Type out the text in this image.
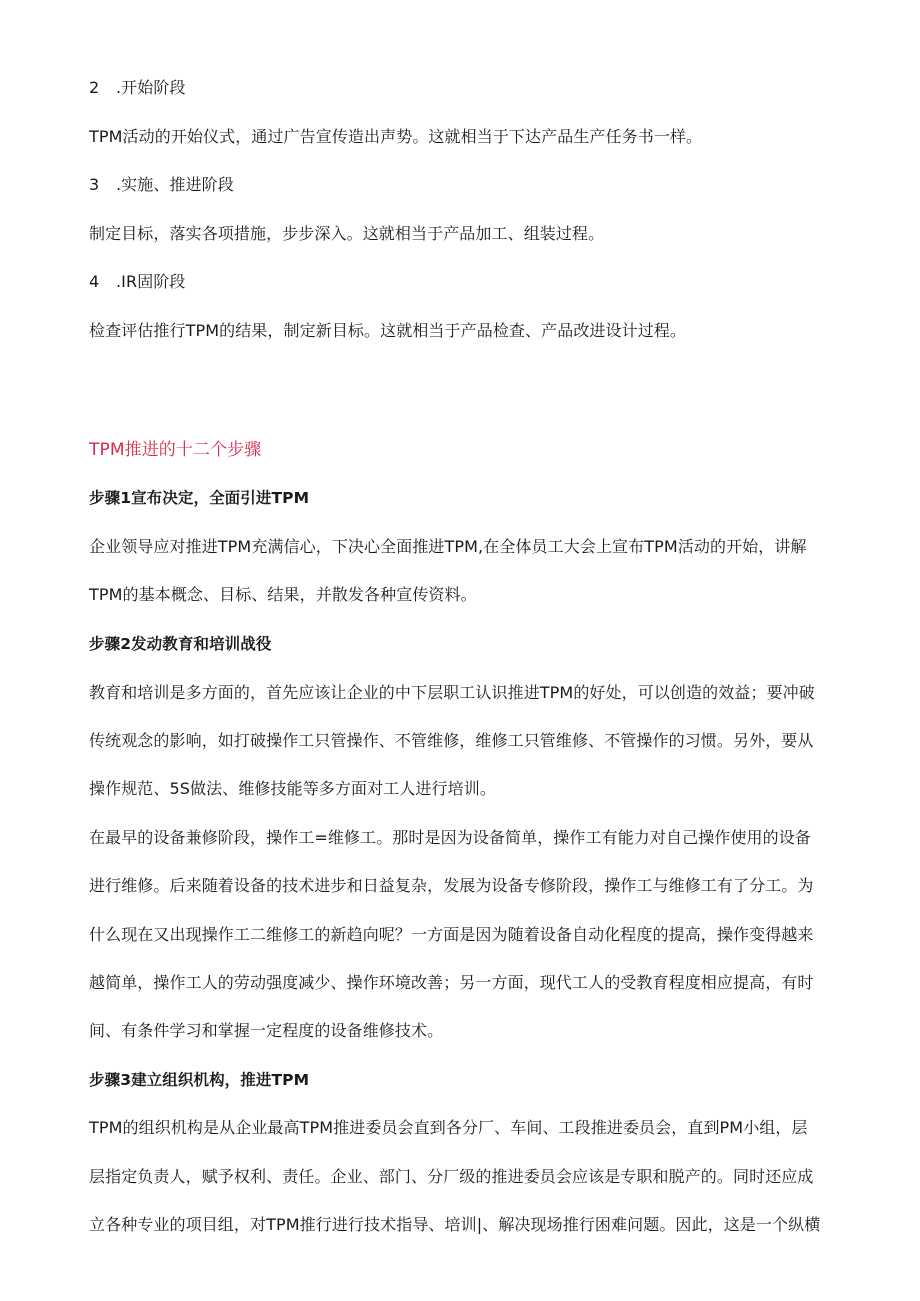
2 .开始阶段
TPM活动的开始仪式，通过广告宣传造出声势。这就相当于下达产品生产任务书一样。
3 .实施、推进阶段
制定目标，落实各项措施，步步深入。这就相当于产品加工、组装过程。
4 .IR固阶段
检查评估推行TPM的结果，制定新目标。这就相当于产品检查、产品改进设计过程。
TPM推进的十二个步骤
步骤1宣布决定，全面引进TPM
企业领导应对推进TPM充满信心，下决心全面推进TPM,在全体员工大会上宣布TPM活动的开始，讲解
TPM的基本概念、目标、结果，并散发各种宣传资料。
步骤2发动教育和培训战役
教育和培训是多方面的，首先应该让企业的中下层职工认识推进TPM的好处，可以创造的效益；要冲破
传统观念的影响，如打破操作工只管操作、不管维修，维修工只管维修、不管操作的习惯。另外，要从
操作规范、5S做法、维修技能等多方面对工人进行培训。
在最早的设备兼修阶段，操作工=维修工。那时是因为设备简单，操作工有能力对自己操作使用的设备
进行维修。后来随着设备的技术进步和日益复杂，发展为设备专修阶段，操作工与维修工有了分工。为
什么现在又出现操作工二维修工的新趋向呢？一方面是因为随着设备自动化程度的提高，操作变得越来
越简单，操作工人的劳动强度减少、操作环境改善；另一方面，现代工人的受教育程度相应提高，有时
间、有条件学习和掌握一定程度的设备维修技术。
步骤3建立组织机构，推进TPM
TPM的组织机构是从企业最高TPM推进委员会直到各分厂、车间、工段推进委员会，直到PM小组，层
层指定负责人，赋予权利、责任。企业、部门、分厂级的推进委员会应该是专职和脱产的。同时还应成
立各种专业的项目组，对TPM推行进行技术指导、培训|、解决现场推行困难问题。因此，这是一个纵横
